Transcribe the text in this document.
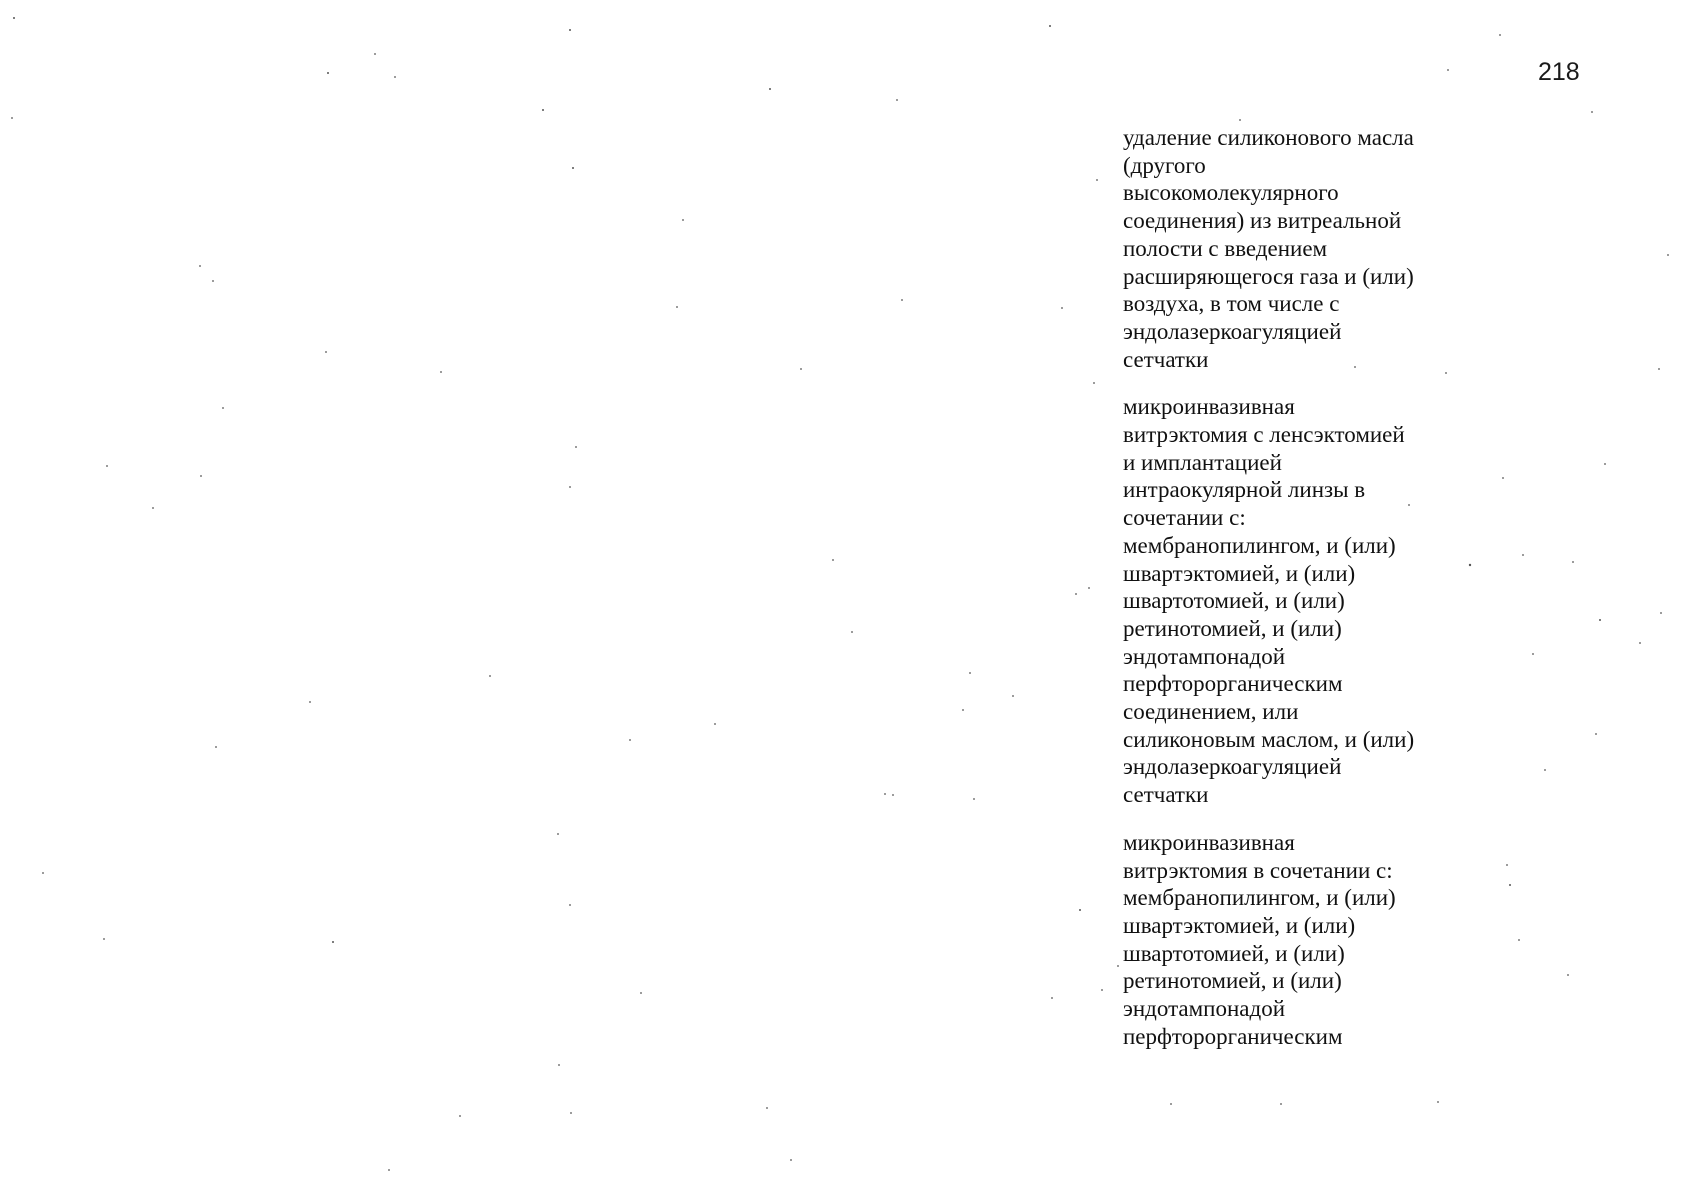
218
удаление силиконового масла
(другого
высокомолекулярного
соединения) из витреальной
полости с введением
расширяющегося газа и (или)
воздуха, в том числе с
эндолазеркоагуляцией
сетчатки
микроинвазивная
витрэктомия с ленсэктомией
и имплантацией
интраокулярной линзы в
сочетании с:
мембранопилингом, и (или)
швартэктомией, и (или)
швартотомией, и (или)
ретинотомией, и (или)
эндотампонадой
перфторорганическим
соединением, или
силиконовым маслом, и (или)
эндолазеркоагуляцией
сетчатки
микроинвазивная
витрэктомия в сочетании с:
мембранопилингом, и (или)
швартэктомией, и (или)
швартотомией, и (или)
ретинотомией, и (или)
эндотампонадой
перфторорганическим
